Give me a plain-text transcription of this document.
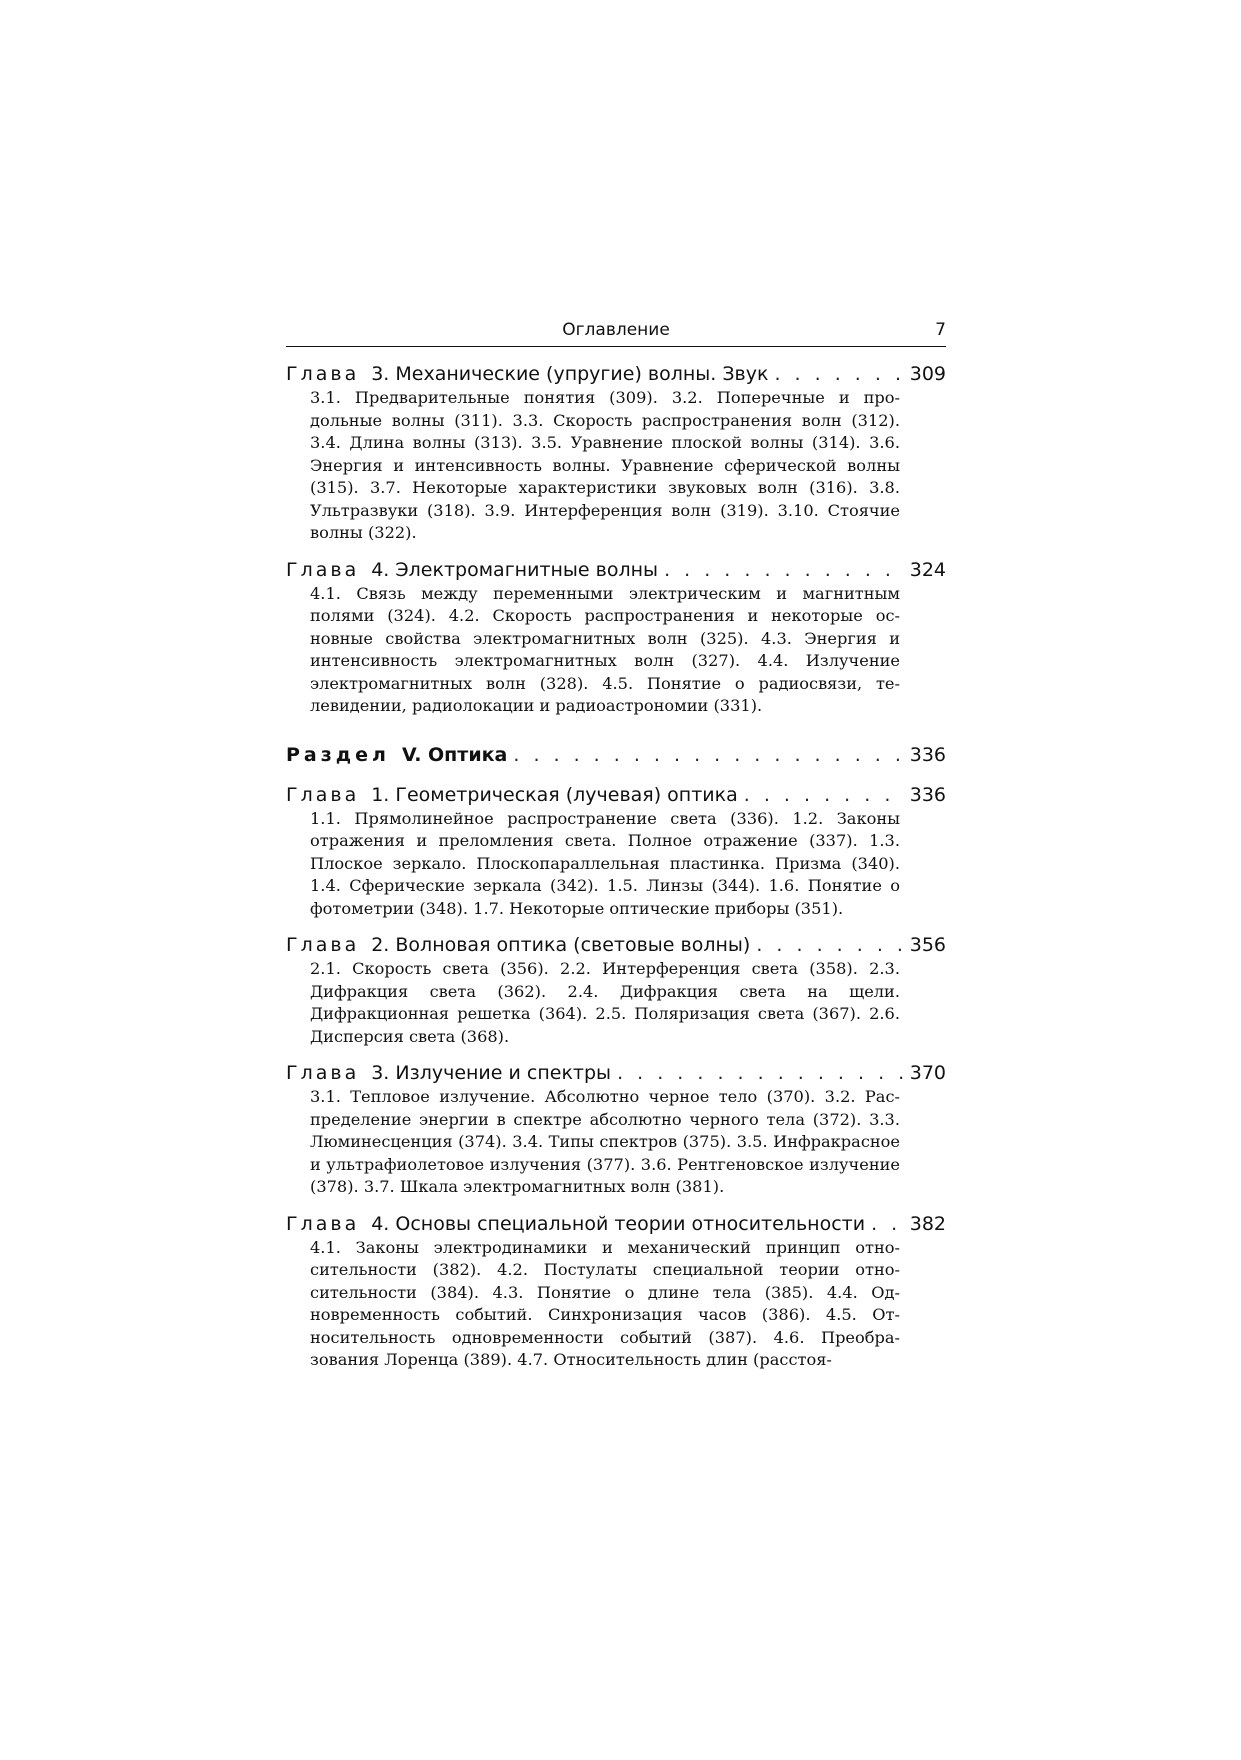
Оглавление	7
Глава 3. Механические (упругие) волны. Звук . . .	309
3.1. Предварительные понятия (309). 3.2. Поперечные и продольные волны (311). 3.3. Скорость распространения волн (312). 3.4. Длина волны (313). 3.5. Уравнение плоской волны (314). 3.6. Энергия и интенсивность волны. Уравнение сферической волны (315). 3.7. Некоторые характеристики звуковых волн (316). 3.8. Ультразвуки (318). 3.9. Интерференция волн (319). 3.10. Стоячие волны (322).
Глава 4. Электромагнитные волны . . .	324
4.1. Связь между переменными электрическим и магнитным полями (324). 4.2. Скорость распространения и некоторые основные свойства электромагнитных волн (325). 4.3. Энергия и интенсивность электромагнитных волн (327). 4.4. Излучение электромагнитных волн (328). 4.5. Понятие о радиосвязи, телевидении, радиолокации и радиоастрономии (331).
Раздел V. Оптика . . .	336
Глава 1. Геометрическая (лучевая) оптика . . .	336
1.1. Прямолинейное распространение света (336). 1.2. Законы отражения и преломления света. Полное отражение (337). 1.3. Плоское зеркало. Плоскопараллельная пластинка. Призма (340). 1.4. Сферические зеркала (342). 1.5. Линзы (344). 1.6. Понятие о фотометрии (348). 1.7. Некоторые оптические приборы (351).
Глава 2. Волновая оптика (световые волны) . . .	356
2.1. Скорость света (356). 2.2. Интерференция света (358). 2.3. Дифракция света (362). 2.4. Дифракция света на щели. Дифракционная решетка (364). 2.5. Поляризация света (367). 2.6. Дисперсия света (368).
Глава 3. Излучение и спектры . . .	370
3.1. Тепловое излучение. Абсолютно черное тело (370). 3.2. Распределение энергии в спектре абсолютно черного тела (372). 3.3. Люминесценция (374). 3.4. Типы спектров (375). 3.5. Инфракрасное и ультрафиолетовое излучения (377). 3.6. Рентгеновское излучение (378). 3.7. Шкала электромагнитных волн (381).
Глава 4. Основы специальной теории относительности . . . 382
4.1. Законы электродинамики и механический принцип относительности (382). 4.2. Постулаты специальной теории относительности (384). 4.3. Понятие о длине тела (385). 4.4. Одновременность событий. Синхронизация часов (386). 4.5. Относительность одновременности событий (387). 4.6. Преобразования Лоренца (389). 4.7. Относительность длин (расстоя-
